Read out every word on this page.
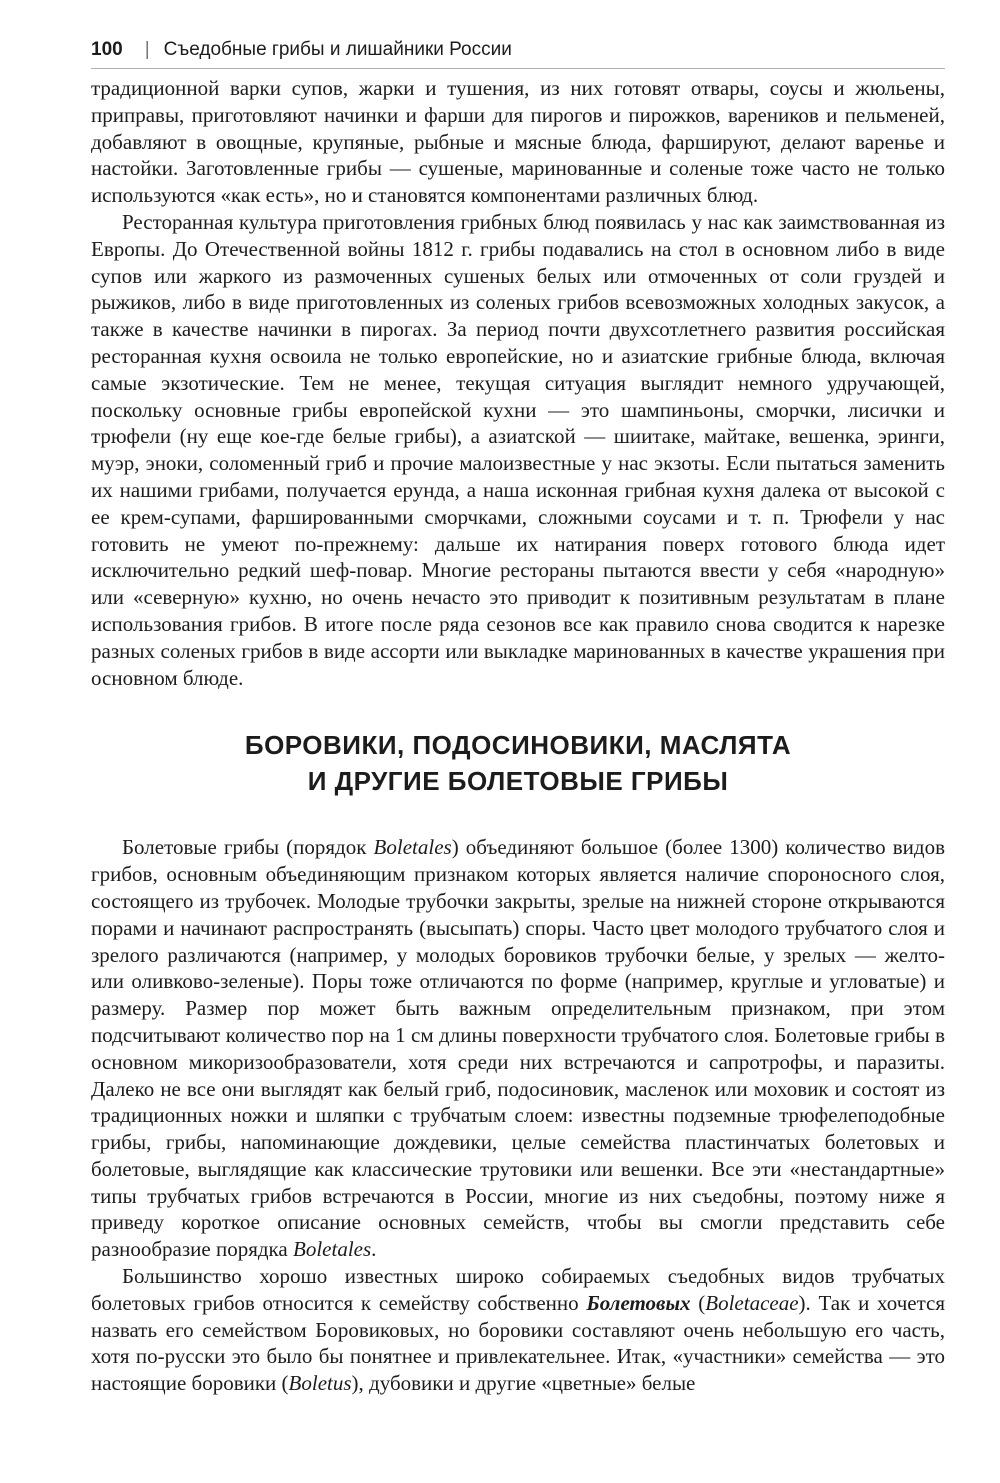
100 | Съедобные грибы и лишайники России

традиционной варки супов, жарки и тушения, из них готовят отвары, соусы и жюльены, приправы, приготовляют начинки и фарши для пирогов и пирожков, вареников и пельменей, добавляют в овощные, крупяные, рыбные и мясные блюда, фаршируют, делают варенье и настойки. Заготовленные грибы — сушеные, маринованные и соленые тоже часто не только используются «как есть», но и становятся компонентами различных блюд.

Ресторанная культура приготовления грибных блюд появилась у нас как заимствованная из Европы. До Отечественной войны 1812 г. грибы подавались на стол в основном либо в виде супов или жаркого из размоченных сушеных белых или отмоченных от соли груздей и рыжиков, либо в виде приготовленных из соленых грибов всевозможных холодных закусок, а также в качестве начинки в пирогах. За период почти двухсотлетнего развития российская ресторанная кухня освоила не только европейские, но и азиатские грибные блюда, включая самые экзотические. Тем не менее, текущая ситуация выглядит немного удручающей, поскольку основные грибы европейской кухни — это шампиньоны, сморчки, лисички и трюфели (ну еще кое-где белые грибы), а азиатской — шиитаке, майтаке, вешенка, эринги, муэр, эноки, соломенный гриб и прочие малоизвестные у нас экзоты. Если пытаться заменить их нашими грибами, получается ерунда, а наша исконная грибная кухня далека от высокой с ее крем-супами, фаршированными сморчками, сложными соусами и т. п. Трюфели у нас готовить не умеют по-прежнему: дальше их натирания поверх готового блюда идет исключительно редкий шеф-повар. Многие рестораны пытаются ввести у себя «народную» или «северную» кухню, но очень нечасто это приводит к позитивным результатам в плане использования грибов. В итоге после ряда сезонов все как правило снова сводится к нарезке разных соленых грибов в виде ассорти или выкладке маринованных в качестве украшения при основном блюде.

БОРОВИКИ, ПОДОСИНОВИКИ, МАСЛЯТА
И ДРУГИЕ БОЛЕТОВЫЕ ГРИБЫ

Болетовые грибы (порядок Boletales) объединяют большое (более 1300) количество видов грибов, основным объединяющим признаком которых является наличие спороносного слоя, состоящего из трубочек. Молодые трубочки закрыты, зрелые на нижней стороне открываются порами и начинают распространять (высыпать) споры. Часто цвет молодого трубчатого слоя и зрелого различаются (например, у молодых боровиков трубочки белые, у зрелых — желто- или оливково-зеленые). Поры тоже отличаются по форме (например, круглые и угловатые) и размеру. Размер пор может быть важным определительным признаком, при этом подсчитывают количество пор на 1 см длины поверхности трубчатого слоя. Болетовые грибы в основном микоризообразователи, хотя среди них встречаются и сапротрофы, и паразиты. Далеко не все они выглядят как белый гриб, подосиновик, масленок или моховик и состоят из традиционных ножки и шляпки с трубчатым слоем: известны подземные трюфелеподобные грибы, грибы, напоминающие дождевики, целые семейства пластинчатых болетовых и болетовые, выглядящие как классические трутовики или вешенки. Все эти «нестандартные» типы трубчатых грибов встречаются в России, многие из них съедобны, поэтому ниже я приведу короткое описание основных семейств, чтобы вы смогли представить себе разнообразие порядка Boletales.

Большинство хорошо известных широко собираемых съедобных видов трубчатых болетовых грибов относится к семейству собственно Болетовых (Boletaceae). Так и хочется назвать его семейством Боровиковых, но боровики составляют очень небольшую его часть, хотя по-русски это было бы понятнее и привлекательнее. Итак, «участники» семейства — это настоящие боровики (Boletus), дубовики и другие «цветные» белые
